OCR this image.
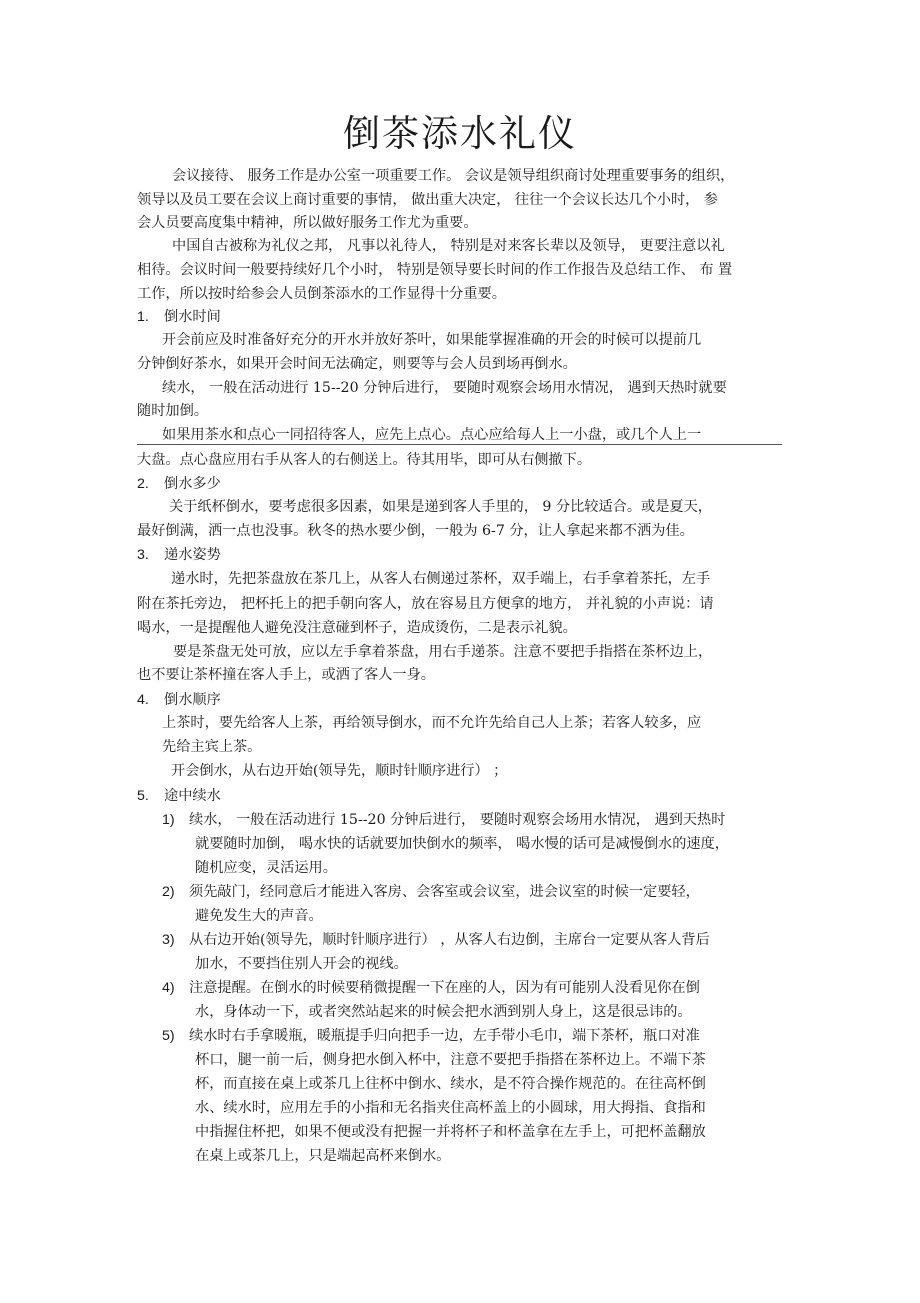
倒茶添水礼仪
会议接待、 服务工作是办公室一项重要工作。 会议是领导组织商讨处理重要事务的组织，
领导以及员工要在会议上商讨重要的事情， 做出重大决定， 往往一个会议长达几个小时， 参
会人员要高度集中精神，所以做好服务工作尤为重要。
中国自古被称为礼仪之邦， 凡事以礼待人， 特别是对来客长辈以及领导， 更要注意以礼
相待。会议时间一般要持续好几个小时， 特别是领导要长时间的作工作报告及总结工作、 布 置
工作，所以按时给参会人员倒茶添水的工作显得十分重要。
1. 倒水时间
开会前应及时准备好充分的开水并放好茶叶，如果能掌握准确的开会的时候可以提前几
分钟倒好茶水，如果开会时间无法确定，则要等与会人员到场再倒水。
续水， 一般在活动进行 15--20 分钟后进行， 要随时观察会场用水情况， 遇到天热时就要
随时加倒。
如果用茶水和点心一同招待客人，应先上点心。点心应给每人上一小盘，或几个人上一
大盘。点心盘应用右手从客人的右侧送上。待其用毕，即可从右侧撤下。
2. 倒水多少
关于纸杯倒水，要考虑很多因素，如果是递到客人手里的， 9 分比较适合。或是夏天，
最好倒满，洒一点也没事。秋冬的热水要少倒，一般为 6-7 分，让人拿起来都不洒为佳。
3. 递水姿势
递水时，先把茶盘放在茶几上，从客人右侧递过茶杯，双手端上，右手拿着茶托，左手
附在茶托旁边， 把杯托上的把手朝向客人，放在容易且方便拿的地方， 并礼貌的小声说：请
喝水，一是提醒他人避免没注意碰到杯子，造成烫伤，二是表示礼貌。
要是茶盘无处可放，应以左手拿着茶盘，用右手递茶。注意不要把手指搭在茶杯边上，
也不要让茶杯撞在客人手上，或洒了客人一身。
4. 倒水顺序
上茶时，要先给客人上茶，再给领导倒水，而不允许先给自己人上茶；若客人较多，应
先给主宾上茶。
开会倒水，从右边开始(领导先，顺时针顺序进行） ；
5. 途中续水
1) 续水， 一般在活动进行 15--20 分钟后进行， 要随时观察会场用水情况， 遇到天热时
就要随时加倒， 喝水快的话就要加快倒水的频率， 喝水慢的话可是减慢倒水的速度，
随机应变，灵活运用。
2) 须先敲门，经同意后才能进入客房、会客室或会议室，进会议室的时候一定要轻，
避免发生大的声音。
3) 从右边开始(领导先，顺时针顺序进行） ，从客人右边倒，主席台一定要从客人背后
加水，不要挡住别人开会的视线。
4) 注意提醒。在倒水的时候要稍微提醒一下在座的人，因为有可能别人没看见你在倒
水，身体动一下，或者突然站起来的时候会把水洒到别人身上，这是很忌讳的。
5) 续水时右手拿暖瓶，暖瓶提手归向把手一边，左手带小毛巾，端下茶杯，瓶口对准
杯口，腿一前一后，侧身把水倒入杯中，注意不要把手指搭在茶杯边上。不端下茶
杯，而直接在桌上或茶几上往杯中倒水、续水，是不符合操作规范的。在往高杯倒
水、续水时，应用左手的小指和无名指夹住高杯盖上的小圆球，用大拇指、食指和
中指握住杯把，如果不便或没有把握一并将杯子和杯盖拿在左手上，可把杯盖翻放
在桌上或茶几上，只是端起高杯来倒水。
